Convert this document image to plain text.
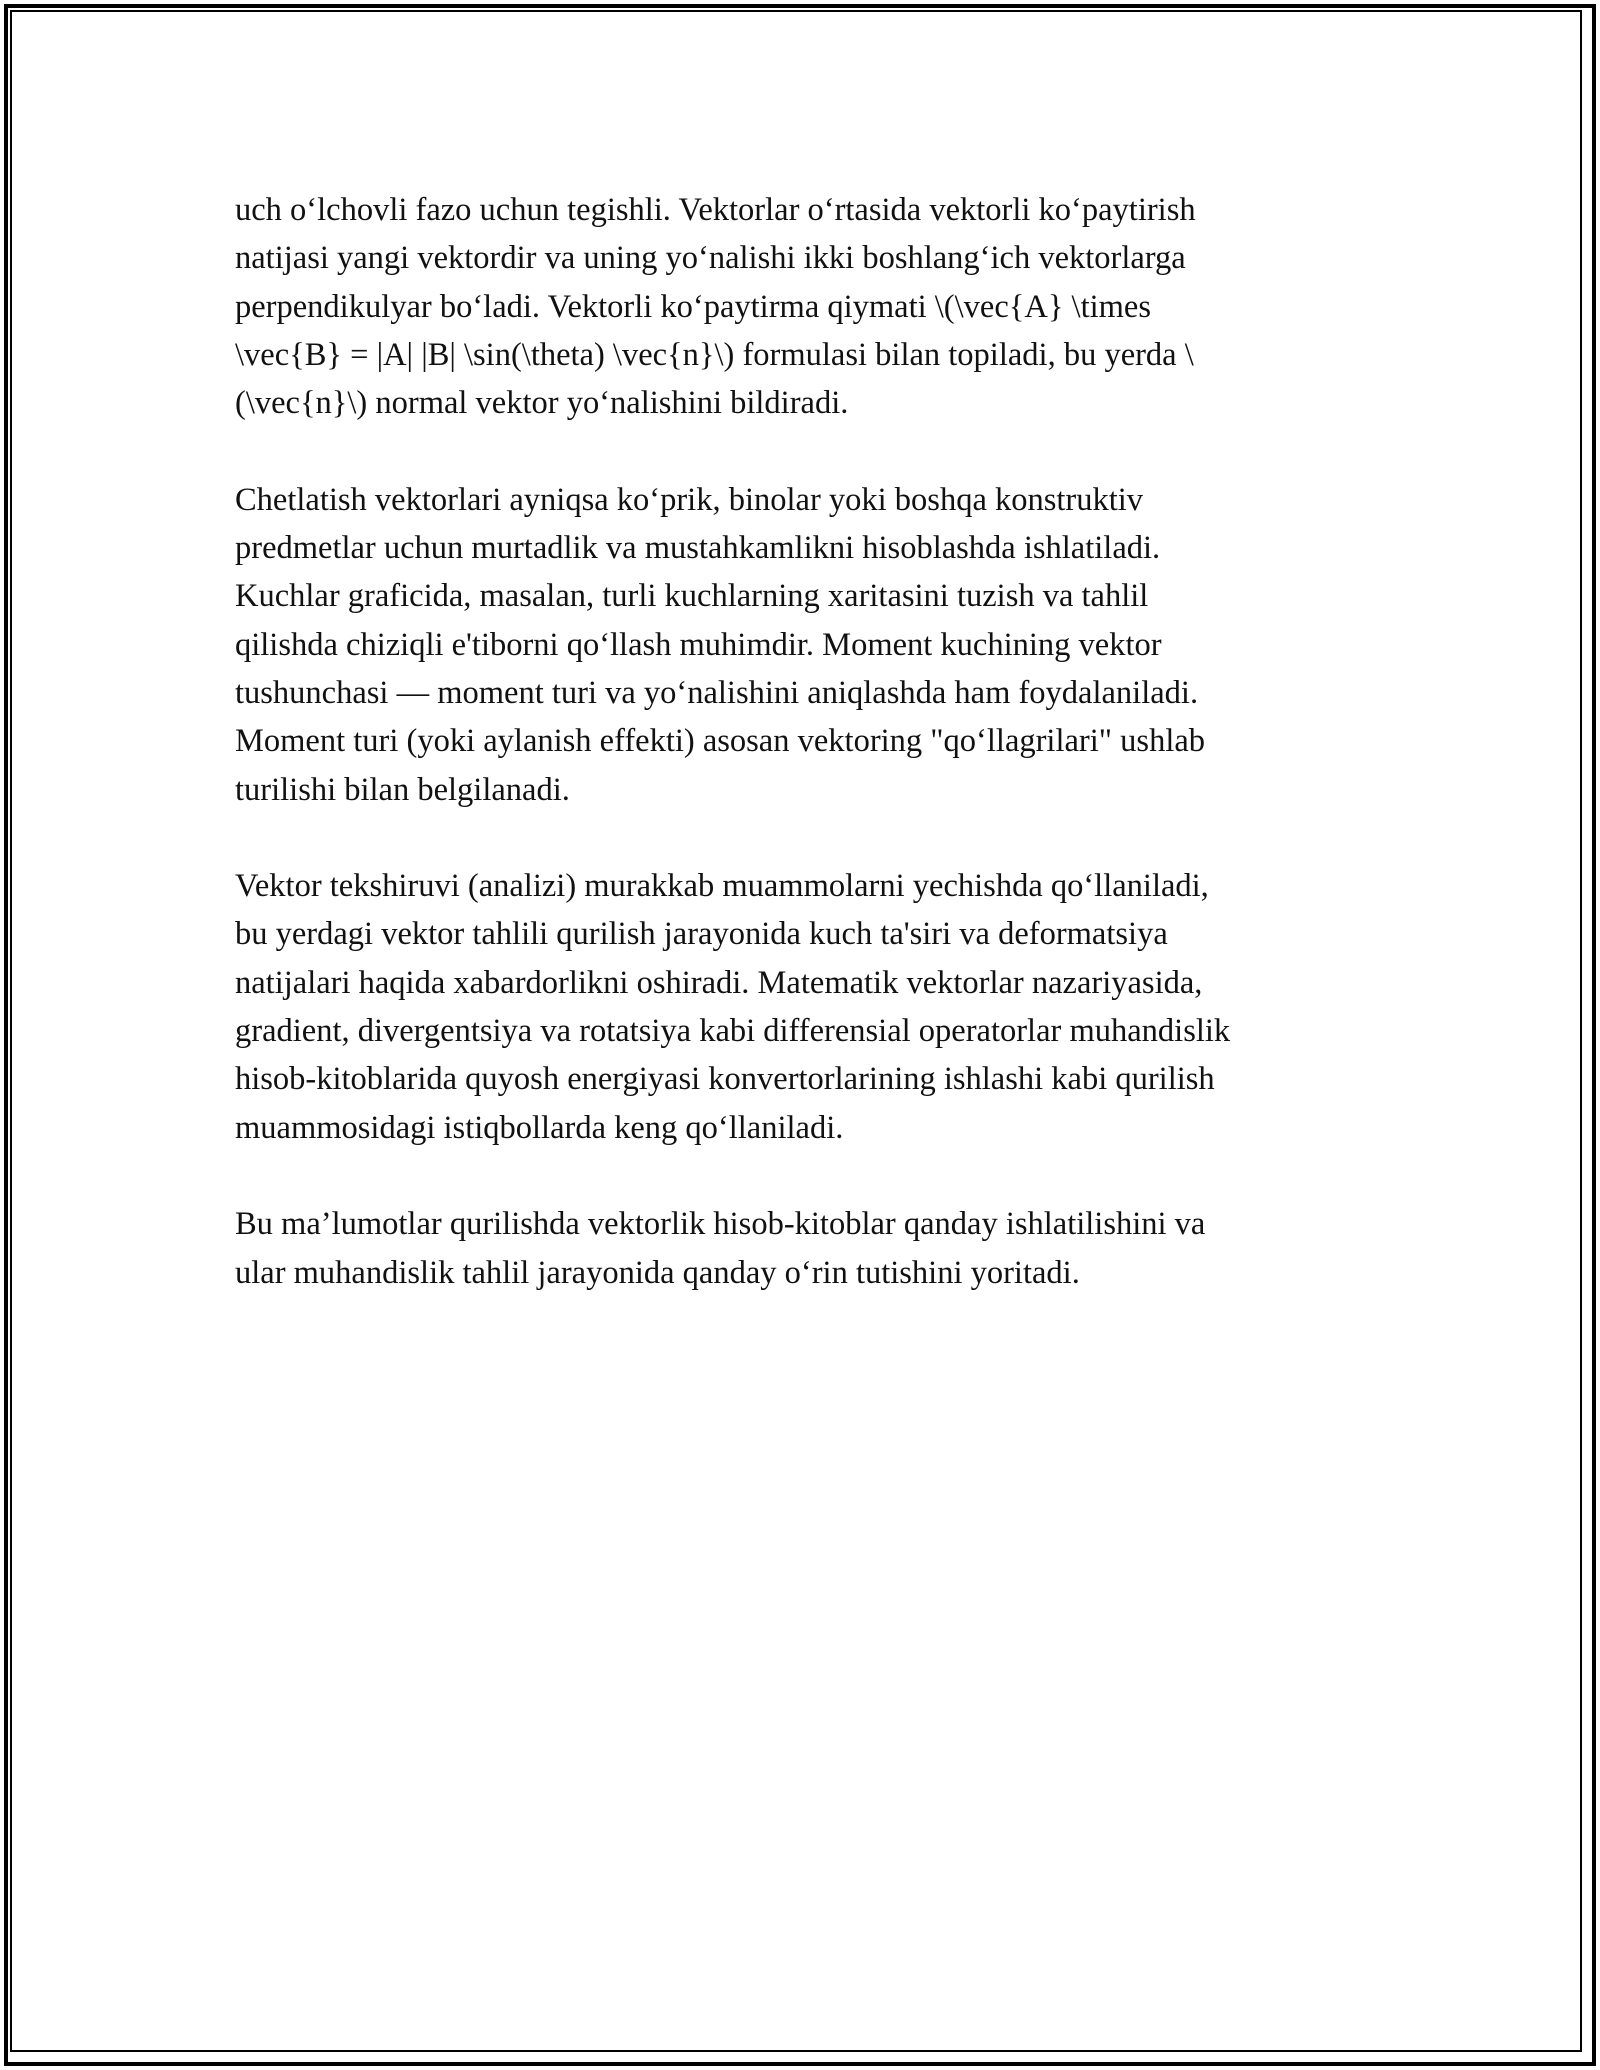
uch o‘lchovli fazo uchun tegishli. Vektorlar o‘rtasida vektorli ko‘paytirish
natijasi yangi vektordir va uning yo‘nalishi ikki boshlang‘ich vektorlarga
perpendikulyar bo‘ladi. Vektorli ko‘paytirma qiymati \(\vec{A} \times
\vec{B} = |A| |B| \sin(\theta) \vec{n}\) formulasi bilan topiladi, bu yerda \
(\vec{n}\) normal vektor yo‘nalishini bildiradi.

Chetlatish vektorlari ayniqsa ko‘prik, binolar yoki boshqa konstruktiv
predmetlar uchun murtadlik va mustahkamlikni hisoblashda ishlatiladi.
Kuchlar graficida, masalan, turli kuchlarning xaritasini tuzish va tahlil
qilishda chiziqli e'tiborni qo‘llash muhimdir. Moment kuchining vektor
tushunchasi — moment turi va yo‘nalishini aniqlashda ham foydalaniladi.
Moment turi (yoki aylanish effekti) asosan vektoring "qo‘llagrilari" ushlab
turilishi bilan belgilanadi.

Vektor tekshiruvi (analizi) murakkab muammolarni yechishda qo‘llaniladi,
bu yerdagi vektor tahlili qurilish jarayonida kuch ta'siri va deformatsiya
natijalari haqida xabardorlikni oshiradi. Matematik vektorlar nazariyasida,
gradient, divergentsiya va rotatsiya kabi differensial operatorlar muhandislik
hisob-kitoblarida quyosh energiyasi konvertorlarining ishlashi kabi qurilish
muammosidagi istiqbollarda keng qo‘llaniladi.

Bu ma’lumotlar qurilishda vektorlik hisob-kitoblar qanday ishlatilishini va
ular muhandislik tahlil jarayonida qanday o‘rin tutishini yoritadi.
